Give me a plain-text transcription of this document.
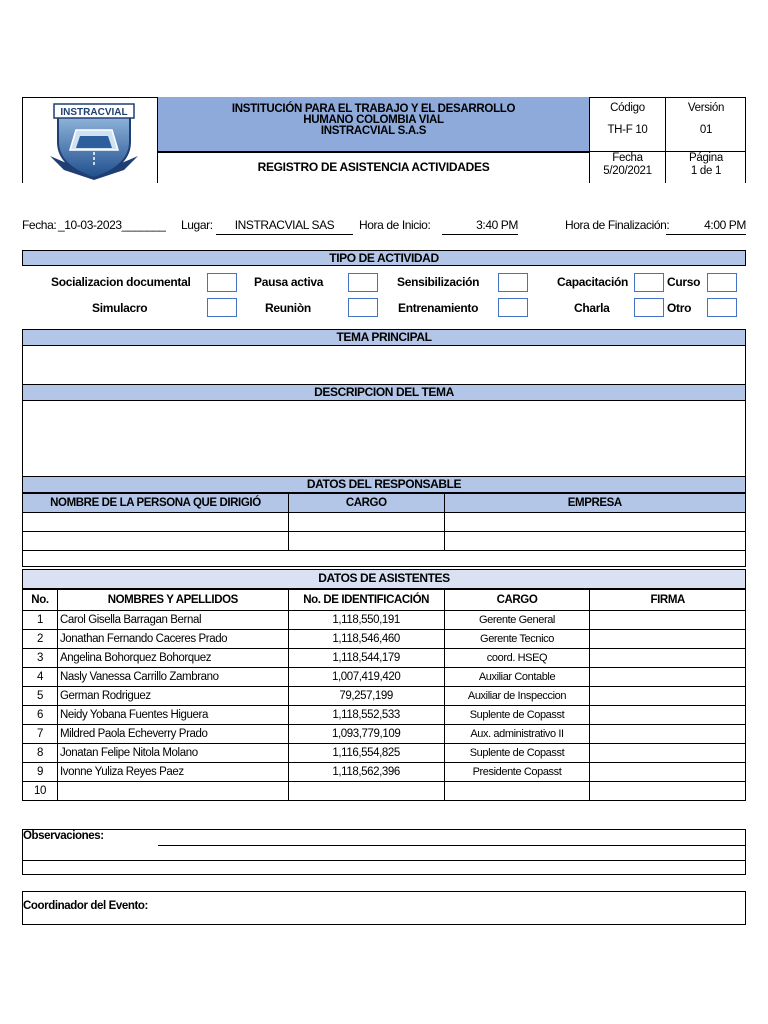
INSTRACVIAL	INSTITUCIÓN PARA EL TRABAJO Y EL DESARROLLO
HUMANO COLOMBIA VIAL
INSTRACVIAL S.A.S
REGISTRO DE ASISTENCIA ACTIVIDADES
Código
TH-F 10
Versión
01
Fecha
5/20/2021
Página
1 de 1
Fecha: _10-03-2023_______ Lugar:	INSTRACVIAL SAS	Hora de Inicio:	3:40 PM	Hora de Finalización:	4:00 PM
TIPO DE ACTIVIDAD
Socializacion documental	Pausa activa	Sensibilización	Capacitación	Curso
Simulacro	Reuniòn	Entrenamiento	Charla	Otro
TEMA PRINCIPAL
DESCRIPCION DEL TEMA
DATOS DEL RESPONSABLE
NOMBRE DE LA PERSONA QUE DIRIGIÓ	CARGO	EMPRESA

DATOS DE ASISTENTES
No.	NOMBRES Y APELLIDOS	No. DE IDENTIFICACIÓN	CARGO	FIRMA
1	Carol Gisella Barragan Bernal	1,118,550,191	Gerente General	
2	Jonathan Fernando Caceres Prado	1,118,546,460	Gerente Tecnico	
3	Angelina Bohorquez Bohorquez	1,118,544,179	coord. HSEQ	
4	Nasly Vanessa Carrillo Zambrano	1,007,419,420	Auxiliar Contable	
5	German Rodriguez	79,257,199	Auxiliar de Inspeccion	
6	Neidy Yobana Fuentes Higuera	1,118,552,533	Suplente de Copasst	
7	Mildred Paola Echeverry Prado	1,093,779,109	Aux. administrativo II	
8	Jonatan Felipe Nitola Molano	1,116,554,825	Suplente de Copasst	
9	Ivonne Yuliza Reyes Paez	1,118,562,396	Presidente Copasst	
10				
Observaciones:
Coordinador del Evento:
